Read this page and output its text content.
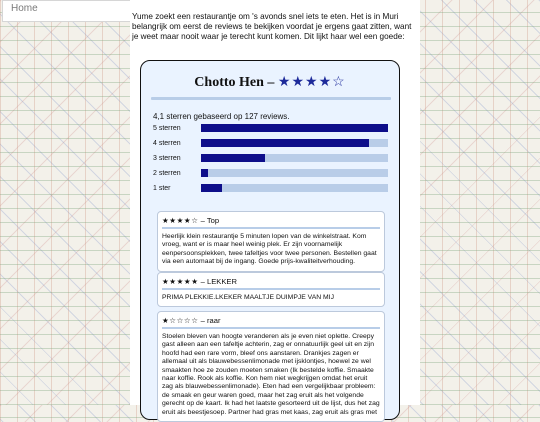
Home

Yume zoekt een restaurantje om 's avonds snel iets te eten. Het is in Muri belangrijk om eerst de reviews te bekijken voordat je ergens gaat zitten, want je weet maar nooit waar je terecht kunt komen. Dit lijkt haar wel een goede:

Chotto Hen – ★★★★☆
4,1 sterren gebaseerd op 127 reviews.
5 sterren
4 sterren
3 sterren
2 sterren
1 ster
★★★★☆ – Top
Heerlijk klein restaurantje 5 minuten lopen van de winkelstraat. Kom vroeg, want er is maar heel weinig plek. Er zijn voornamelijk eenpersoonsplekken, twee tafeltjes voor twee personen. Bestellen gaat via een automaat bij de ingang. Goede prijs-kwaliteitverhouding.
★★★★★ – LEKKER
PRIMA PLEKKIE.LKEKER MAALTJE DUIMPJE VAN MIJ
★☆☆☆☆ – raar
Stoelen bleven van hoogte veranderen als je even niet oplette. Creepy gast alleen aan een tafeltje achterin, zag er onnatuurlijk geel uit en zijn hoofd had een rare vorm, bleef ons aanstaren. Drankjes zagen er allemaal uit als blauwebessenlimonade met ijsklontjes, hoewel ze wel smaakten hoe ze zouden moeten smaken (Ik bestelde koffie. Smaakte naar koffie. Rook als koffie. Kon hem niet wegkrijgen omdat het eruit zag als blauwebessenlimonade). Eten had een vergelijkbaar probleem: de smaak en geur waren goed, maar het zag eruit als het volgende gerecht op de kaart. Ik had het laatste gesorteerd uit de lijst, dus het zag eruit als beestjesoep. Partner had gras met kaas, zag eruit als gras met
